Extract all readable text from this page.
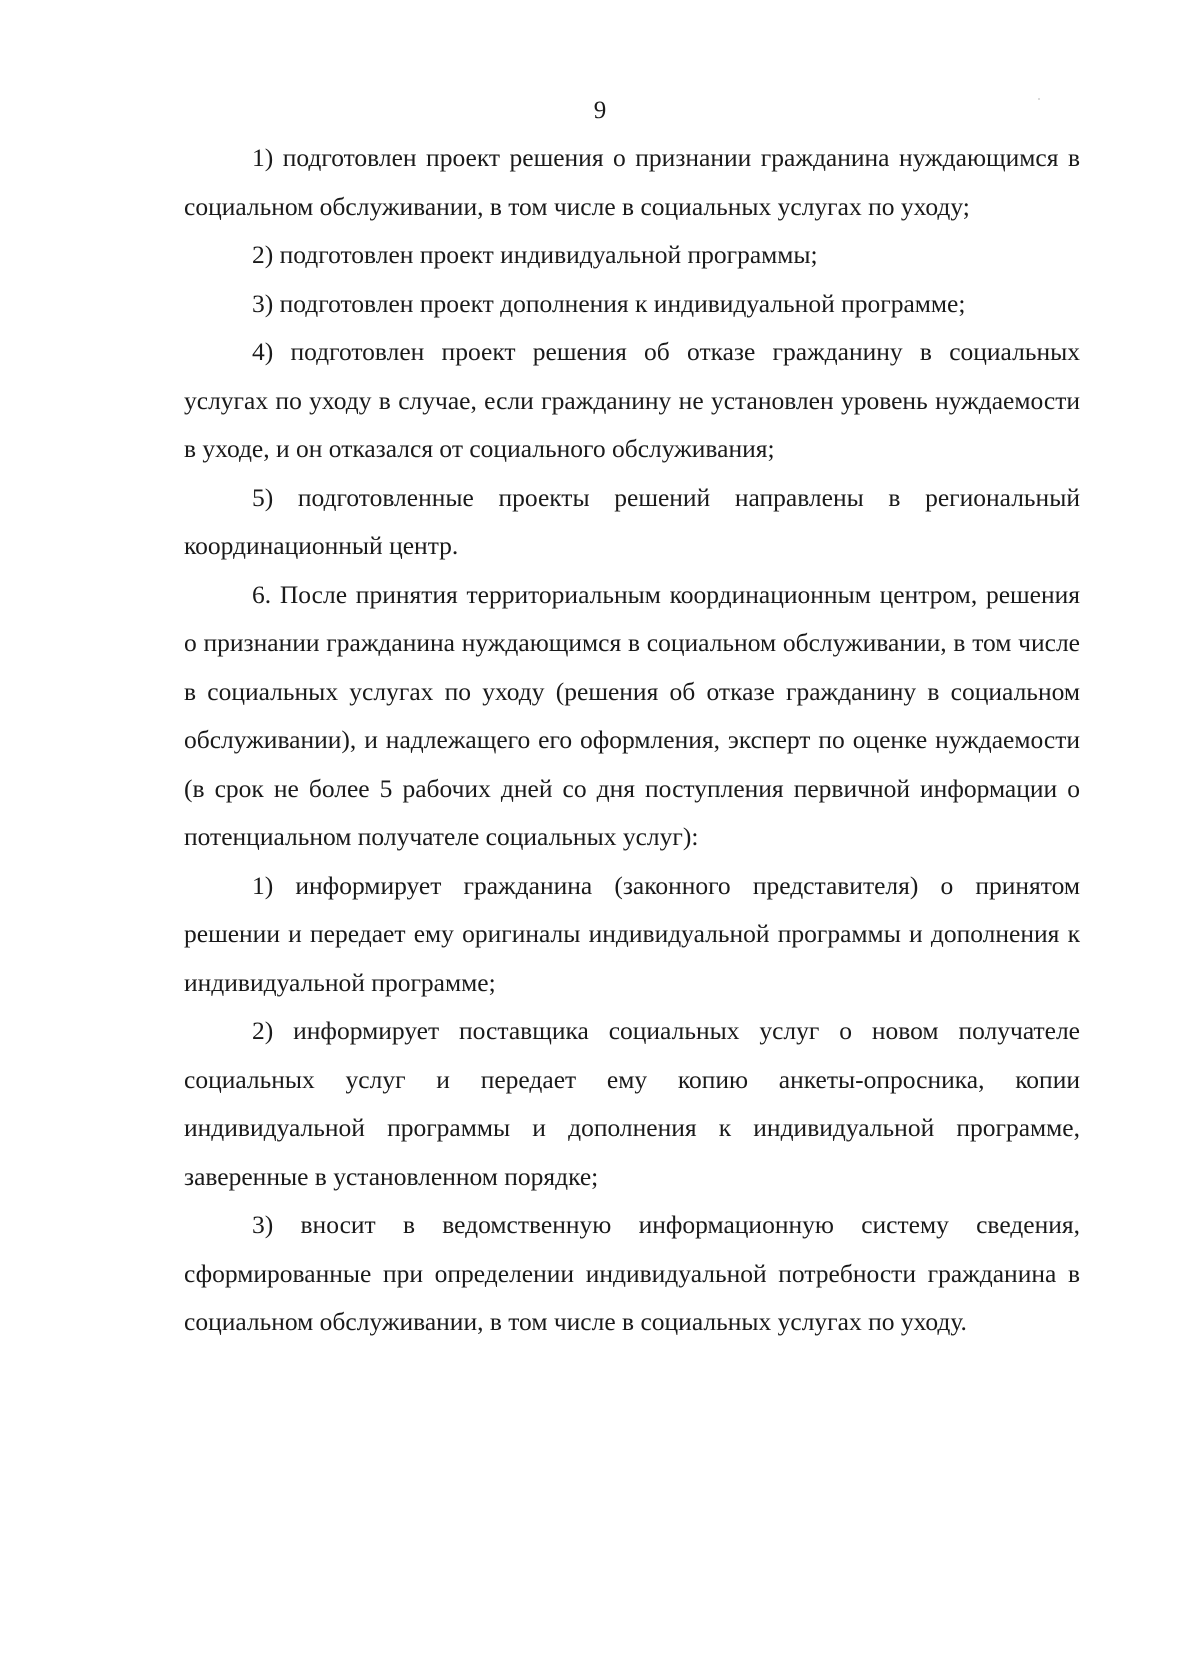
9

1) подготовлен проект решения о признании гражданина нуждающимся в социальном обслуживании, в том числе в социальных услугах по уходу;

2) подготовлен проект индивидуальной программы;

3) подготовлен проект дополнения к индивидуальной программе;

4) подготовлен проект решения об отказе гражданину в социальных услугах по уходу в случае, если гражданину не установлен уровень нуждаемости в уходе, и он отказался от социального обслуживания;

5) подготовленные проекты решений направлены в региональный координационный центр.

6. После принятия территориальным координационным центром, решения о признании гражданина нуждающимся в социальном обслуживании, в том числе в социальных услугах по уходу (решения об отказе гражданину в социальном обслуживании), и надлежащего его оформления, эксперт по оценке нуждаемости (в срок не более 5 рабочих дней со дня поступления первичной информации о потенциальном получателе социальных услуг):

1) информирует гражданина (законного представителя) о принятом решении и передает ему оригиналы индивидуальной программы и дополнения к индивидуальной программе;

2) информирует поставщика социальных услуг о новом получателе социальных услуг и передает ему копию анкеты-опросника, копии индивидуальной программы и дополнения к индивидуальной программе, заверенные в установленном порядке;

3) вносит в ведомственную информационную систему сведения, сформированные при определении индивидуальной потребности гражданина в социальном обслуживании, в том числе в социальных услугах по уходу.
